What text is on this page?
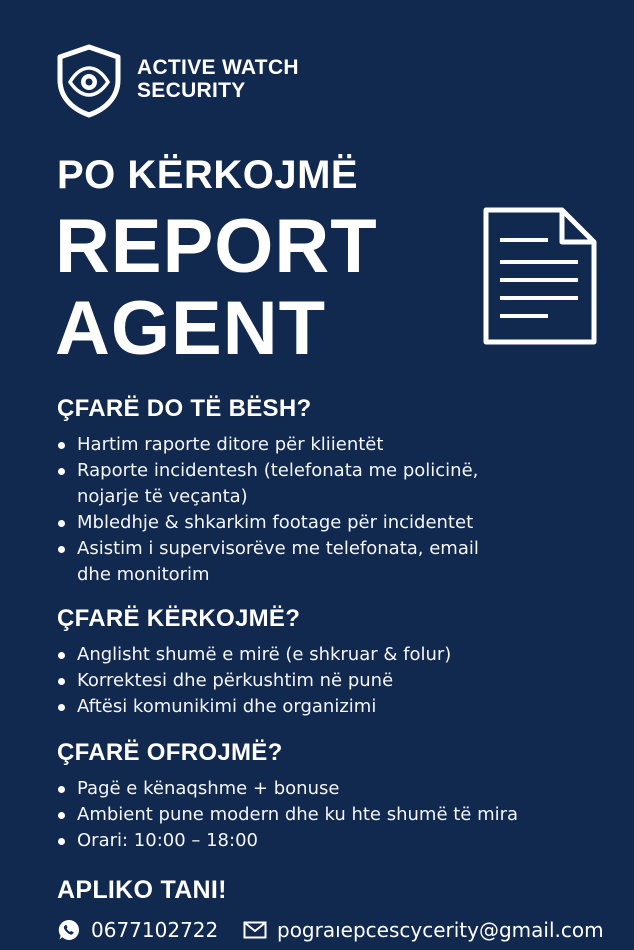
ACTIVE WATCH
SECURITY
PO KËRKOJMË
REPORT
AGENT
ÇFARË DO TË BËSH?
Hartim raporte ditore për kliientët
Raporte incidentesh (telefonata me policinë,
nojarje të veçanta)
Mbledhje & shkarkim footage për incidentet
Asistim i supervisorëve me telefonata, email
dhe monitorim
ÇFARË KËRKOJMË?
Anglisht shumë e mirë (e shkruar & folur)
Korrektesi dhe përkushtim në punë
Aftësi komunikimi dhe organizimi
ÇFARË OFROJMË?
Pagë e kënaqshme + bonuse
Ambient pune modern dhe ku hte shumë të mira
Orari: 10:00 – 18:00
APLIKO TANI!
0677102722	pograıepcescycerity@gmail.com
